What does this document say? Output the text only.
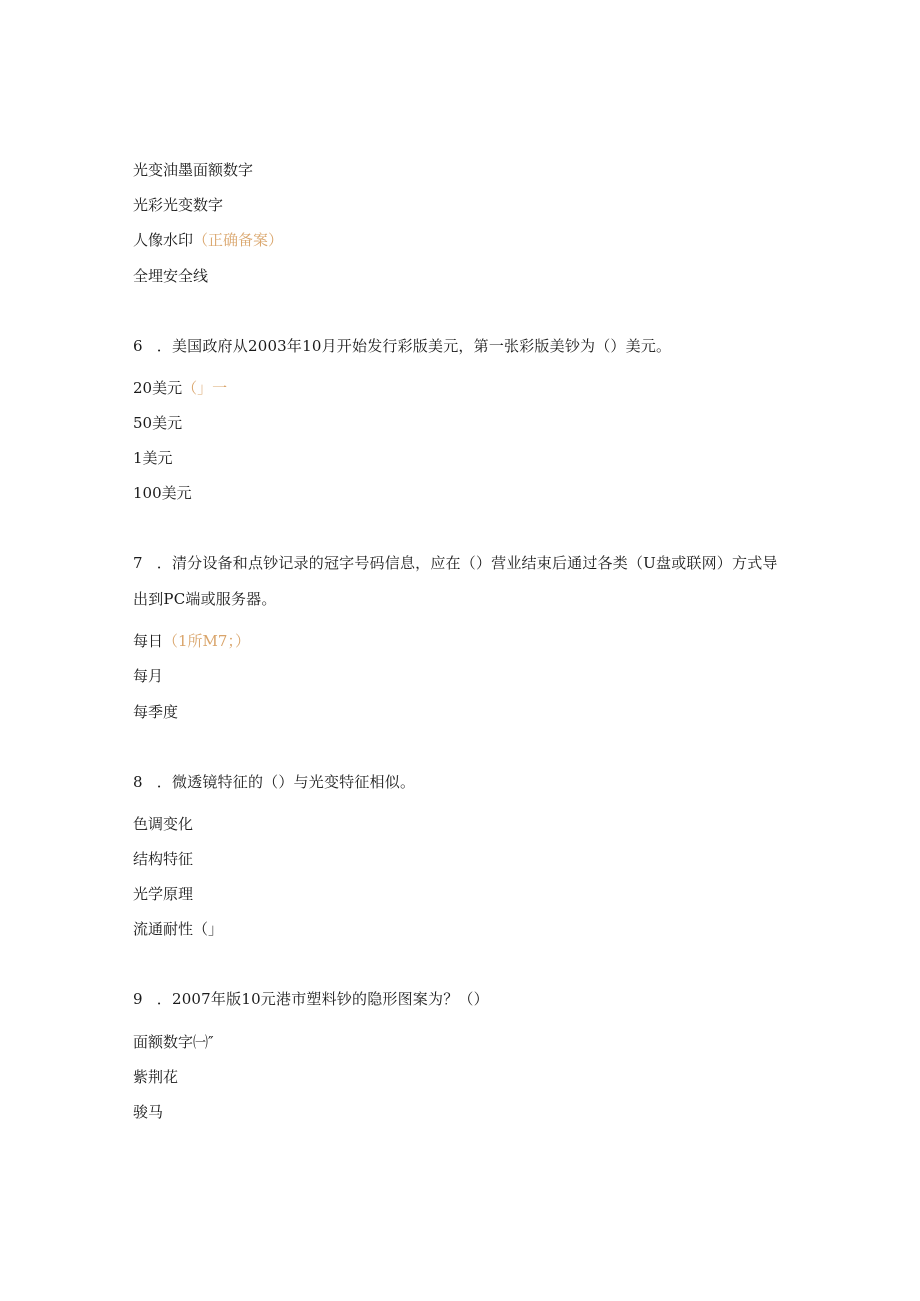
光变油墨面额数字
光彩光变数字
人像水印（正确备案）
全埋安全线
6 ．美国政府从2003年10月开始发行彩版美元，第一张彩版美钞为（）美元。
20美元（」一
50美元
1美元
100美元
7 ．清分设备和点钞记录的冠字号码信息，应在（）营业结束后通过各类（U盘或联网）方式导
出到PC端或服务器。
每日（1所M7；）
每月
每季度
8 ．微透镜特征的（）与光变特征相似。
色调变化
结构特征
光学原理
流通耐性（」
9 ．2007年版10元港市塑料钞的隐形图案为？（）
面额数字㈠″
紫荆花
骏马
